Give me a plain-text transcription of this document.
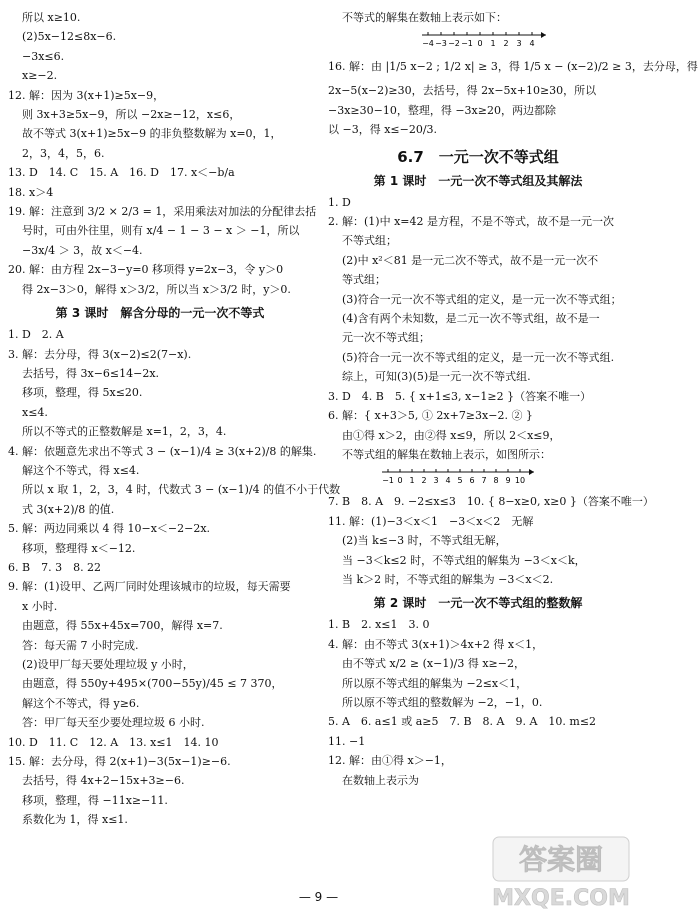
所以 x≥10.
(2)5x−12≤8x−6.
−3x≤6.
x≥−2.
12. 解：因为 3(x+1)≥5x−9，
则 3x+3≥5x−9，所以 −2x≥−12，x≤6，
故不等式 3(x+1)≥5x−9 的非负整数解为 x=0，1，
2，3，4，5，6.
13. D　14. C　15. A　16. D　17. x＜−b/a
18. x＞4
19. 解：注意到 3/2 × 2/3 = 1，采用乘法对加法的分配律去括
号时，可由外往里，则有 x/4 − 1 − 3 − x ＞ −1，所以
−3x/4 ＞ 3，故 x＜−4.
20. 解：由方程 2x−3−y=0 移项得 y=2x−3，令 y＞0
得 2x−3＞0，解得 x＞3/2，所以当 x＞3/2 时，y＞0.
第 3 课时　解含分母的一元一次不等式
1. D　2. A
3. 解：去分母，得 3(x−2)≤2(7−x).
去括号，得 3x−6≤14−2x.
移项，整理，得 5x≤20.
x≤4.
所以不等式的正整数解是 x=1，2，3，4.
4. 解：依题意先求出不等式 3 − (x−1)/4 ≥ 3(x+2)/8 的解集.
解这个不等式，得 x≤4.
所以 x 取 1，2，3，4 时，代数式 3 − (x−1)/4 的值不小于代数
式 3(x+2)/8 的值.
5. 解：两边同乘以 4 得 10−x＜−2−2x.
移项，整理得 x＜−12.
6. B　7. 3　8. 22
9. 解：(1)设甲、乙两厂同时处理该城市的垃圾，每天需要
x 小时.
由题意，得 55x+45x=700，解得 x=7.
答：每天需 7 小时完成.
(2)设甲厂每天要处理垃圾 y 小时，
由题意，得 550y+495×(700−55y)/45 ≤ 7 370，
解这个不等式，得 y≥6.
答：甲厂每天至少要处理垃圾 6 小时.
10. D　11. C　12. A　13. x≤1　14. 10
15. 解：去分母，得 2(x+1)−3(5x−1)≥−6.
去括号，得 4x+2−15x+3≥−6.
移项，整理，得 −11x≥−11.
系数化为 1，得 x≤1.
不等式的解集在数轴上表示如下：
−4 −3 −2 −1 0 1 2 3 4
16. 解：由 |1/5 x−2 ; 1/2 x| ≥ 3，得 1/5 x − (x−2)/2 ≥ 3，去分母，得
2x−5(x−2)≥30，去括号，得 2x−5x+10≥30，所以
−3x≥30−10，整理，得 −3x≥20，两边都除
以 −3，得 x≤−20/3.
6.7　一元一次不等式组
第 1 课时　一元一次不等式组及其解法
1. D
2. 解：(1)中 x=42 是方程，不是不等式，故不是一元一次
不等式组；
(2)中 x²＜81 是一元二次不等式，故不是一元一次不
等式组；
(3)符合一元一次不等式组的定义，是一元一次不等式组；
(4)含有两个未知数，是二元一次不等式组，故不是一
元一次不等式组；
(5)符合一元一次不等式组的定义，是一元一次不等式组.
综上，可知(3)(5)是一元一次不等式组.
3. D　4. B　5. { x+1≤3, x−1≥2 }（答案不唯一）
6. 解：{ x+3＞5, ① 2x+7≥3x−2. ② }
由①得 x＞2，由②得 x≤9，所以 2＜x≤9，
不等式组的解集在数轴上表示，如图所示：
−1 0 1 2 3 4 5 6 7 8 9 10
7. B　8. A　9. −2≤x≤3　10. { 8−x≥0, x≥0 }（答案不唯一）
11. 解：(1)−3＜x＜1　−3＜x＜2　无解
(2)当 k≤−3 时，不等式组无解，
当 −3＜k≤2 时，不等式组的解集为 −3＜x＜k，
当 k＞2 时，不等式组的解集为 −3＜x＜2.
第 2 课时　一元一次不等式组的整数解
1. B　2. x≤1　3. 0
4. 解：由不等式 3(x+1)＞4x+2 得 x＜1，
由不等式 x/2 ≥ (x−1)/3 得 x≥−2，
所以原不等式组的解集为 −2≤x＜1，
所以原不等式组的整数解为 −2，−1，0.
5. A　6. a≤1 或 a≥5　7. B　8. A　9. A　10. m≤2
11. −1
12. 解：由①得 x＞−1，
在数轴上表示为
— 9 —
答案圈
MXQE.COM
